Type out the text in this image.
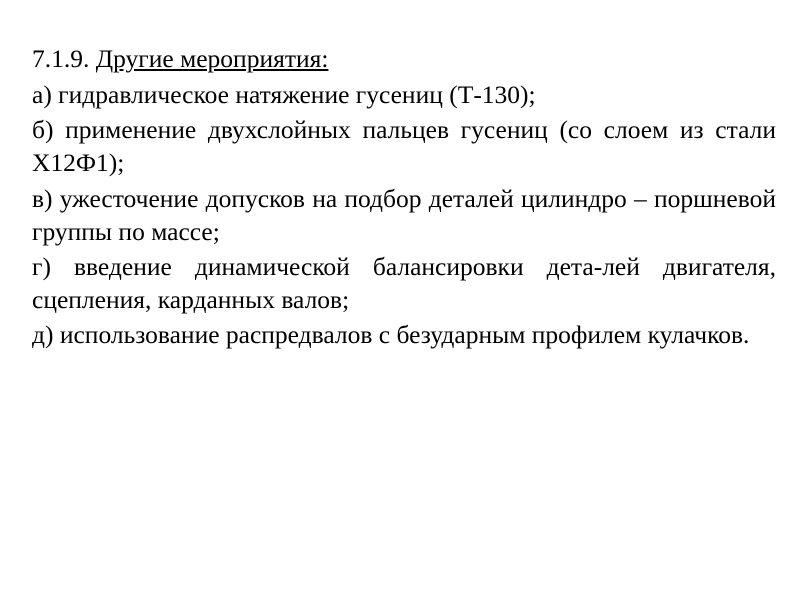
7.1.9. Другие мероприятия:

а) гидравлическое натяжение гусениц (Т-130);

б) применение двухслойных пальцев гусениц (со слоем из стали Х12Ф1);

в) ужесточение допусков на подбор деталей цилиндро – поршневой группы по массе;

г) введение динамической балансировки дета-лей двигателя, сцепления, карданных валов;

д) использование распредвалов с безударным профилем кулачков.
